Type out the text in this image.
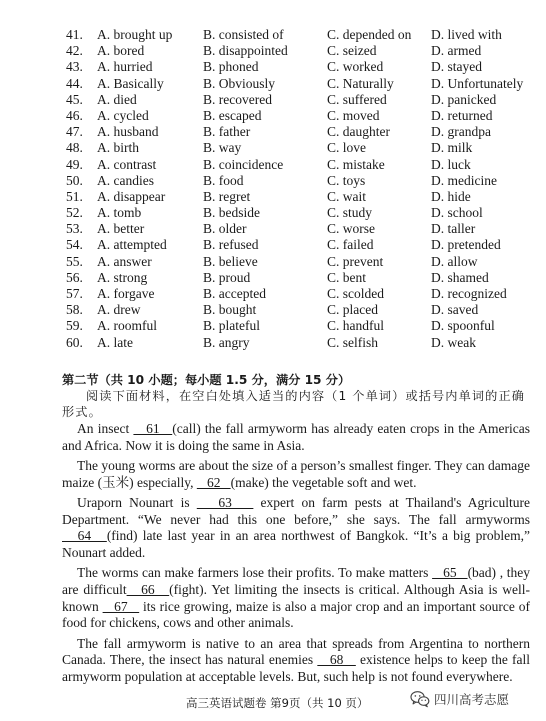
41. A. brought up B. consisted of	C. depended on D. lived with
42. A. bored	B. disappointed	C. seized	D. armed
43. A. hurried	B. phoned	C. worked	D. stayed
44. A. Basically	B. Obviously	C. Naturally	D. Unfortunately
45. A. died	B. recovered	C. suffered	D. panicked
46. A. cycled	B. escaped	C. moved	D. returned
47. A. husband	B. father	C. daughter	D. grandpa
48. A. birth	B. way	C. love	D. milk
49. A. contrast	B. coincidence	C. mistake	D. luck
50. A. candies	B. food	C. toys	D. medicine
51. A. disappear	B. regret	C. wait	D. hide
52. A. tomb	B. bedside	C. study	D. school
53. A. better	B. older	C. worse	D. taller
54. A. attempted	B. refused	C. failed	D. pretended
55. A. answer	B. believe	C. prevent	D. allow
56. A. strong	B. proud	C. bent	D. shamed
57. A. forgave	B. accepted	C. scolded	D. recognized
58. A. drew	B. bought	C. placed	D. saved
59. A. roomful	B. plateful	C. handful	D. spoonful
60. A. late	B. angry	C. selfish	D. weak
第二节（共 10 小题；每小题 1.5 分，满分 15 分）
阅读下面材料，在空白处填入适当的内容（1 个单词）或括号内单词的正确形式。

An insect    61   (call) the fall armyworm has already eaten crops in the Americas and Africa. Now it is doing the same in Asia.

The young worms are about the size of a person’s smallest finger. They can damage maize (玉米) especially,    62   (make) the vegetable soft and wet.

Uraporn Nounart is    63    expert on farm pests at Thailand's Agriculture Department. “We never had this one before,” she says. The fall armyworms    64   (find) late last year in an area northwest of Bangkok. “It’s a big problem,” Nounart added.

The worms can make farmers lose their profits. To make matters    65   (bad) , they are difficult   66   (fight). Yet limiting the insects is critical. Although Asia is well-known    67    its rice growing, maize is also a major crop and an important source of food for chickens, cows and other animals.

The fall armyworm is native to an area that spreads from Argentina to northern Canada. There, the insect has natural enemies    68    existence helps to keep the fall armyworm population at acceptable levels. But, such help is not found everywhere.

高三英语试题卷 第9页（共 10 页）	四川高考志愿
